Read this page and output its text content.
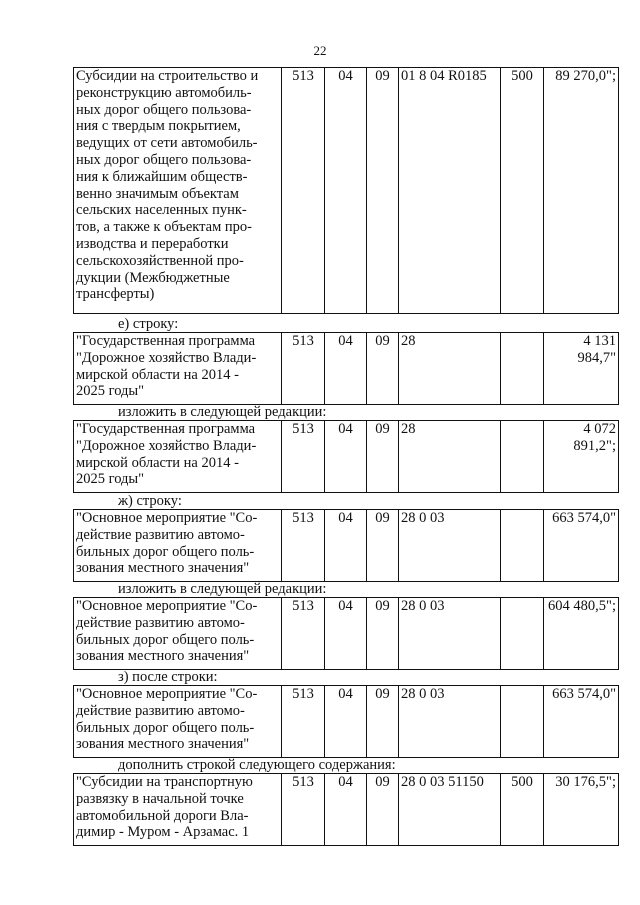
22
Субсидии на строительство и
реконструкцию автомобиль-
ных дорог общего пользова-
ния с твердым покрытием,
ведущих от сети автомобиль-
ных дорог общего пользова-
ния к ближайшим обществ-
венно значимым объектам
сельских населенных пунк-
тов, а также к объектам про-
изводства и переработки
сельскохозяйственной про-
дукции (Межбюджетные
трансферты)	513	04	09	01 8 04 R0185	500	89 270,0";
е) строку:
"Государственная программа
"Дорожное хозяйство Влади-
мирской области на 2014 -
2025 годы"	513	04	09	28		4 131 984,7"
изложить в следующей редакции:
"Государственная программа
"Дорожное хозяйство Влади-
мирской области на 2014 -
2025 годы"	513	04	09	28		4 072 891,2";
ж) строку:
"Основное мероприятие "Со-
действие развитию автомо-
бильных дорог общего поль-
зования местного значения"	513	04	09	28 0 03		663 574,0"
изложить в следующей редакции:
"Основное мероприятие "Со-
действие развитию автомо-
бильных дорог общего поль-
зования местного значения"	513	04	09	28 0 03		604 480,5";
з) после строки:
"Основное мероприятие "Со-
действие развитию автомо-
бильных дорог общего поль-
зования местного значения"	513	04	09	28 0 03		663 574,0"
дополнить строкой следующего содержания:
"Субсидии на транспортную
развязку в начальной точке
автомобильной дороги Вла-
димир - Муром - Арзамас. 1	513	04	09	28 0 03 51150	500	30 176,5";
